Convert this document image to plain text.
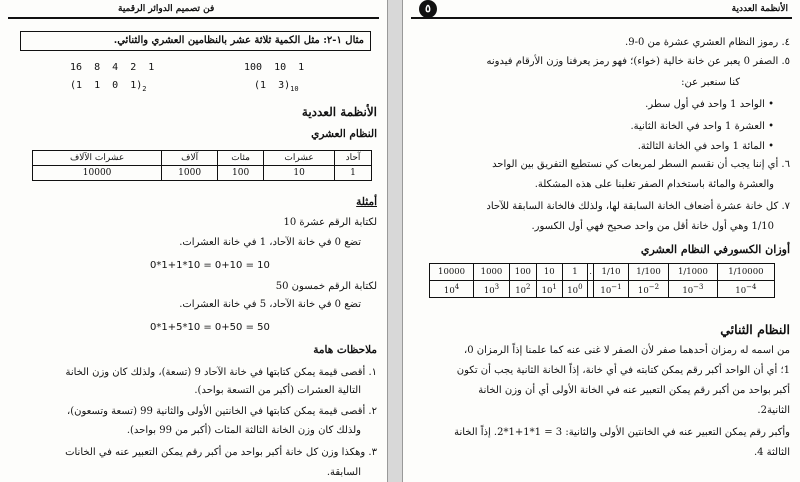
فن تصميم الدوائر الرقمية
مثال ١-٢: مثل الكمية ثلاثة عشر بالنظامين العشري والثنائي.
16  8  4  2  1
(1  1  0  $1)_2$
100  10  1
(1  $3)_{10}$
الأنظمة العددية
النظام العشري
آحاد	عشرات	مئات	آلاف	عشرات الآلاف
1	10	100	1000	10000
أمثلة
لكتابة الرقم عشرة 10
تضع 0 في خانة الآحاد، 1 في خانة العشرات.
0*1+1*10 = 0+10 = 10
لكتابة الرقم خمسون 50
تضع 0 في خانة الآحاد، 5 في خانة العشرات.
0*1+5*10 = 0+50 = 50
ملاحظات هامة
١. أقصى قيمة يمكن كتابتها في خانة الآحاد 9 (تسعة)، ولذلك كان وزن الخانة
التالية العشرات (أكبر من التسعة بواحد).
٢. أقصى قيمة يمكن كتابتها في الخانتين الأولى والثانية 99 (تسعة وتسعون)،
ولذلك كان وزن الخانة الثالثة المئات (أكبر من 99 بواحد).
٣. وهكذا وزن كل خانة أكبر بواحد من أكبر رقم يمكن التعبير عنه في الخانات
السابقة.
الأنظمة العددية
٥
٤. رموز النظام العشري عشرة من 0-9.
٥. الصفر 0 يعبر عن خانة خالية (خواء)؛ فهو رمز يعرفنا وزن الأرقام فيدونه
كنا سنعبر عن:
• الواحد 1 واحد في أول سطر.
• العشرة 1 واحد في الخانة الثانية.
• المائة 1 واحد في الخانة الثالثة.
٦. أي إننا يجب أن نقسم السطر لمربعات كي نستطيع التفريق بين الواحد
والعشرة والمائة باستخدام الصفر تغلبنا على هذه المشكلة.
٧. كل خانة عشرة أضعاف الخانة السابقة لها، ولذلك فالخانة السابقة للآحاد
1/10 وهي أول خانة أقل من واحد صحيح فهي أول الكسور.
أوزان الكسورفي النظام العشري
10000	1000	100	10	1	.	1/10	1/100	1/1000	1/10000
$10^4$	$10^3$	$10^2$	$10^1$	$10^0$		$10^{-1}$	$10^{-2}$	$10^{-3}$	$10^{-4}$
النظام الثنائي
من اسمه له رمزان أحدهما صفر لأن الصفر لا غنى عنه كما علمنا إذاً الرمزان 0،
1؛ أي أن الواحد أكبر رقم يمكن كتابته في أي خانة، إذاً الخانة الثانية يجب أن تكون
أكبر بواحد من أكبر رقم يمكن التعبير عنه في الخانة الأولى أي أن وزن الخانة
الثانية2.
وأكبر رقم يمكن التعبير عنه في الخانتين الأولى والثانية: 3 = 1*1+1*2. إذاً الخانة
الثالثة 4.
